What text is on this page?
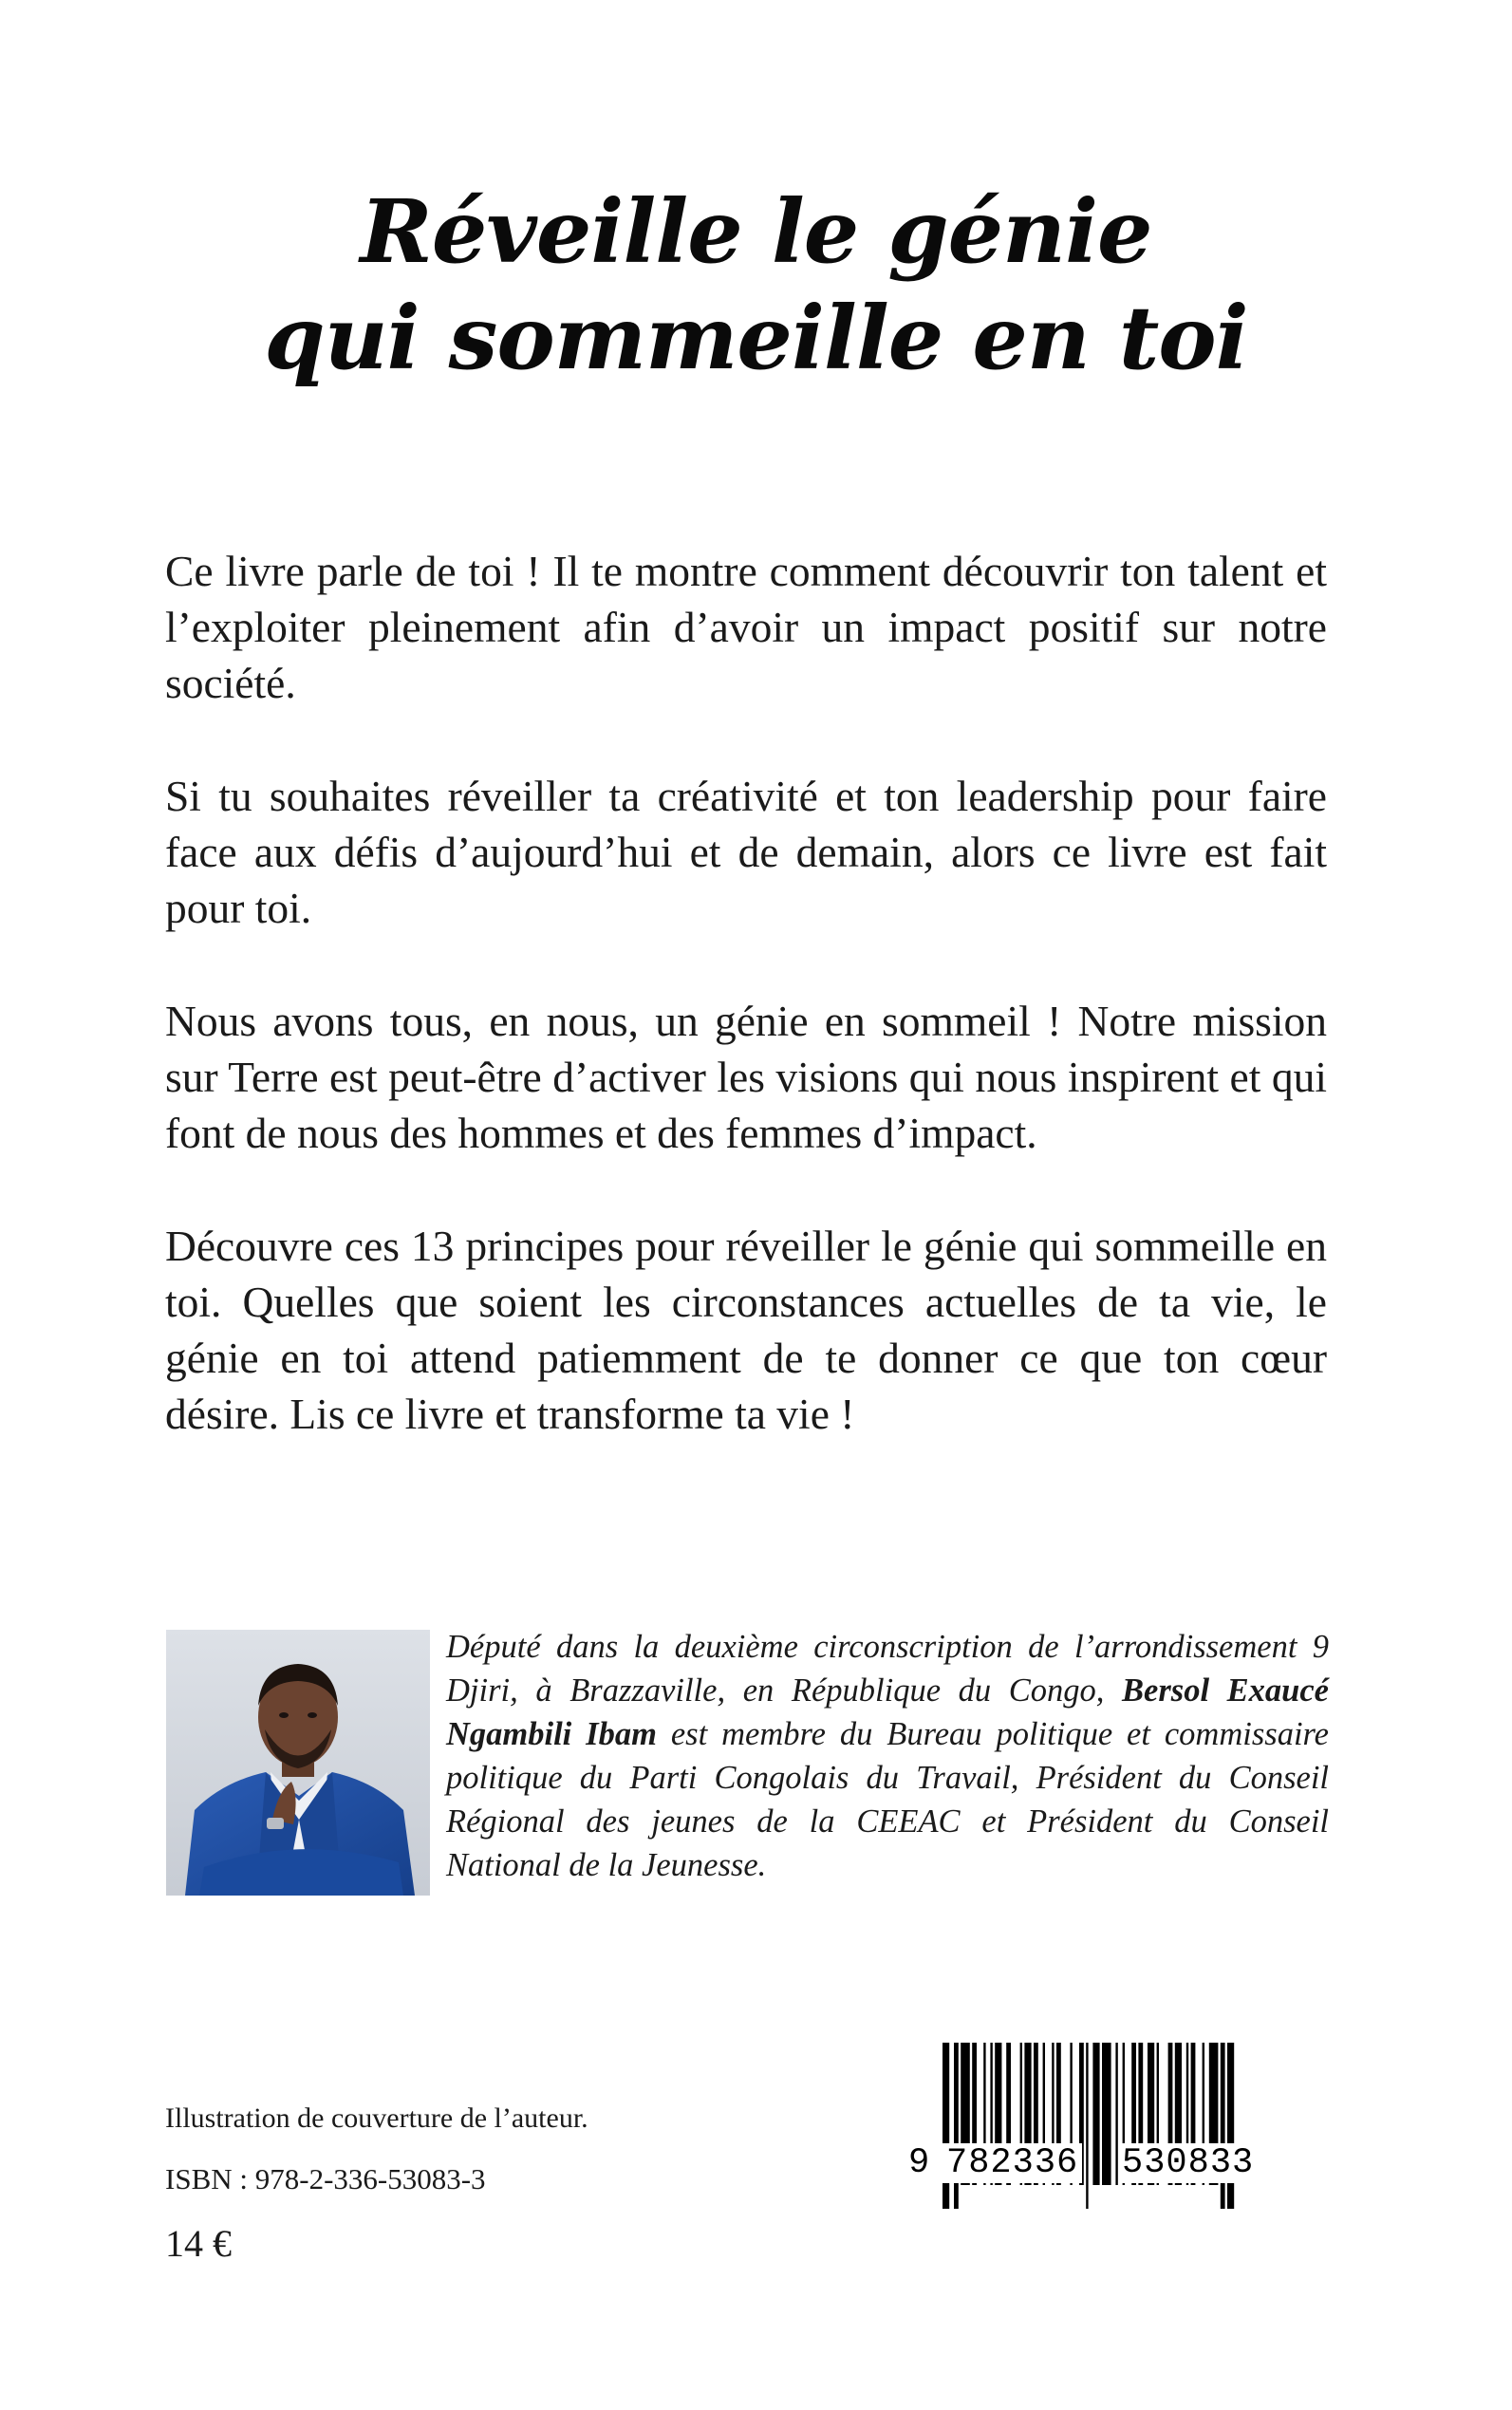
Réveille le génie
qui sommeille en toi

Ce livre parle de toi ! Il te montre comment découvrir ton talent et l’exploiter pleinement afin d’avoir un impact positif sur notre société.

Si tu souhaites réveiller ta créativité et ton leadership pour faire face aux défis d’aujourd’hui et de demain, alors ce livre est fait pour toi.

Nous avons tous, en nous, un génie en sommeil ! Notre mission sur Terre est peut-être d’activer les visions qui nous inspirent et qui font de nous des hommes et des femmes d’impact.

Découvre ces 13 principes pour réveiller le génie qui sommeille en toi. Quelles que soient les circonstances actuelles de ta vie, le génie en toi attend patiemment de te donner ce que ton cœur désire. Lis ce livre et transforme ta vie !

Député dans la deuxième circonscription de l’arrondissement 9 Djiri, à Brazzaville, en République du Congo, Bersol Exaucé Ngambili Ibam est membre du Bureau politique et commissaire politique du Parti Congolais du Travail, Président du Conseil Régional des jeunes de la CEEAC et Président du Conseil National de la Jeunesse.
Illustration de couverture de l’auteur.
ISBN : 978-2-336-53083-3
14 €
9 782336 530833
